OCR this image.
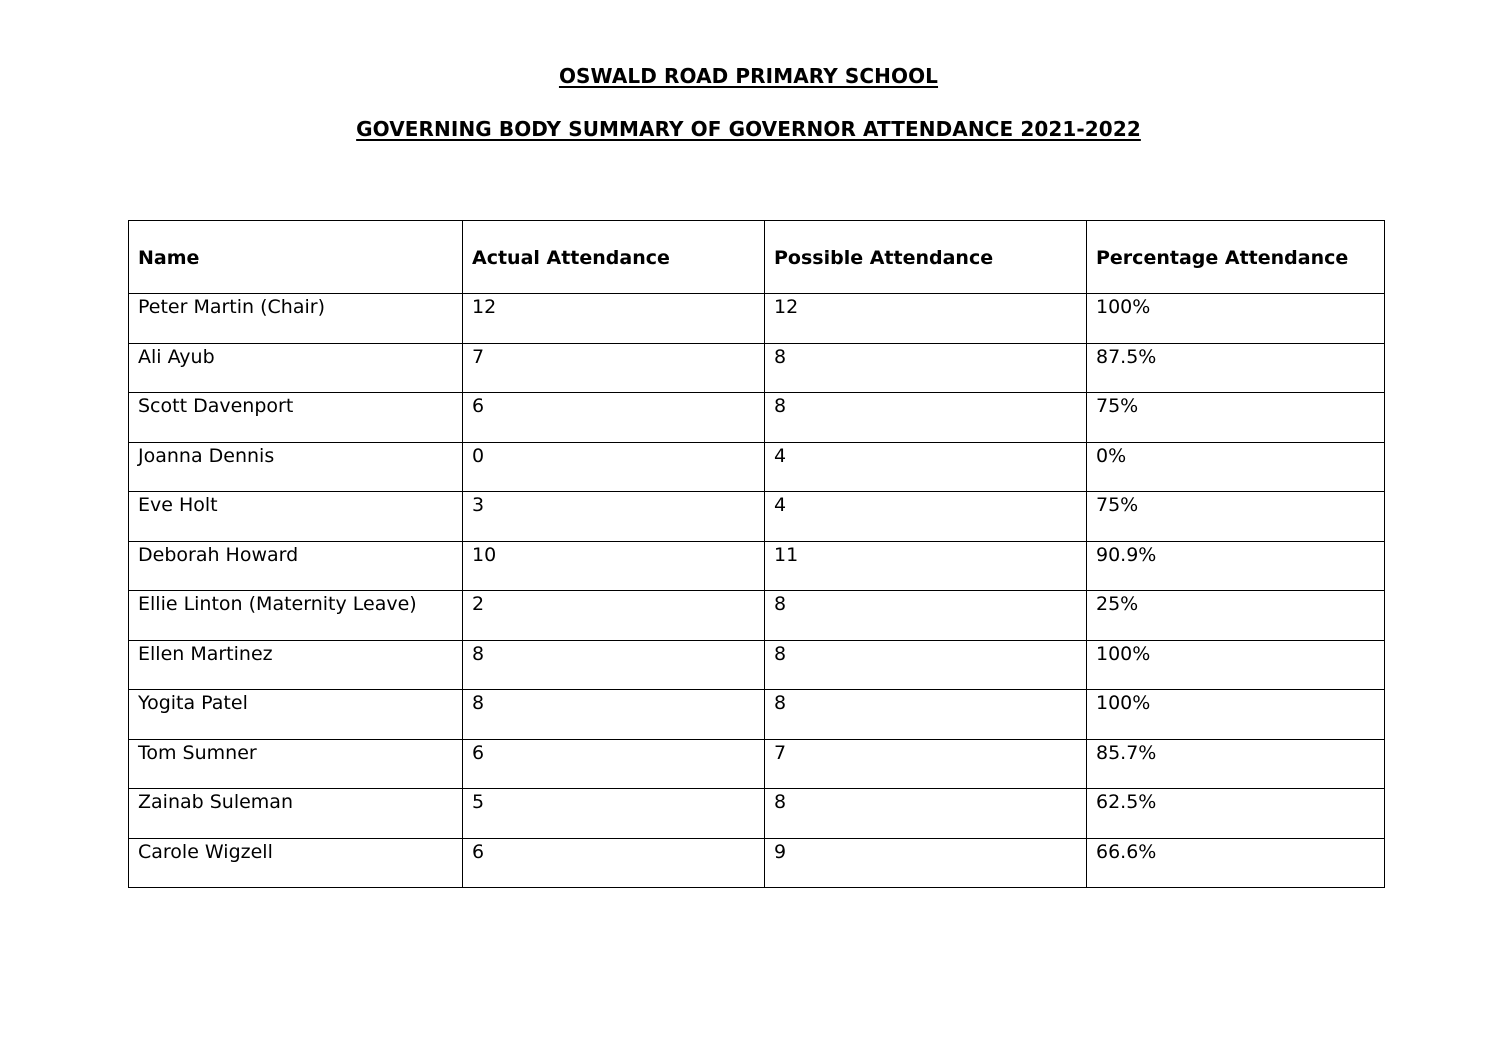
OSWALD ROAD PRIMARY SCHOOL
GOVERNING BODY SUMMARY OF GOVERNOR ATTENDANCE 2021-2022
Name	Actual Attendance	Possible Attendance	Percentage Attendance
Peter Martin (Chair)	12	12	100%
Ali Ayub	7	8	87.5%
Scott Davenport	6	8	75%
Joanna Dennis	0	4	0%
Eve Holt	3	4	75%
Deborah Howard	10	11	90.9%
Ellie Linton (Maternity Leave)	2	8	25%
Ellen Martinez	8	8	100%
Yogita Patel	8	8	100%
Tom Sumner	6	7	85.7%
Zainab Suleman	5	8	62.5%
Carole Wigzell	6	9	66.6%
